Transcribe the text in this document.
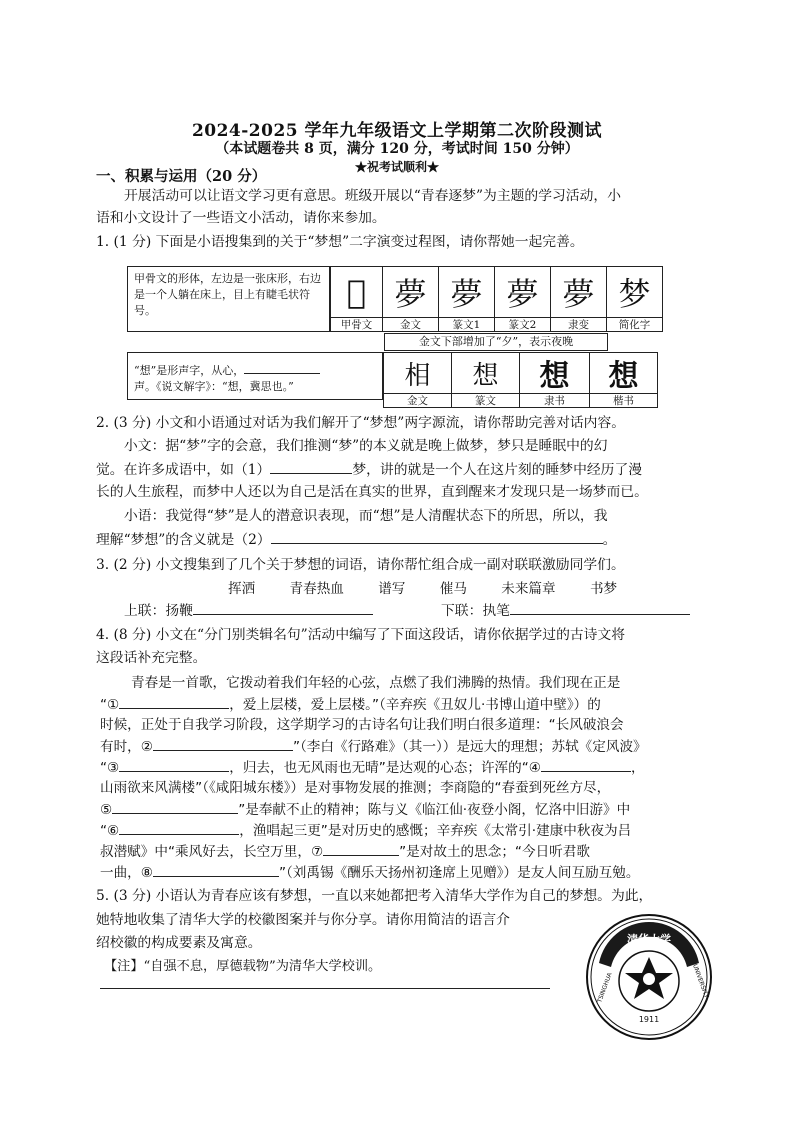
2024-2025 学年九年级语文上学期第二次阶段测试
（本试题卷共 8 页，满分 120 分，考试时间 150 分钟）
★祝考试顺利★
一、积累与运用（20 分）
开展活动可以让语文学习更有意思。班级开展以“青春逐梦”为主题的学习活动，小
语和小文设计了一些语文小活动，请你来参加。
1. (1 分) 下面是小语搜集到的关于“梦想”二字演变过程图，请你帮她一起完善。
甲骨文的形体，左边是一张床形，右边是一个人躺在床上，目上有睫毛状符号。	𠨳 夢 夢 夢 夢 梦
甲骨文	金文	篆文1	篆文2	隶变	简化字
金文下部增加了“夕”，表示夜晚
“想”是形声字，从心，
声。《说文解字》：“想，冀思也。”	相	想	想	想
金文	篆文	隶书	楷书
2. (3 分) 小文和小语通过对话为我们解开了“梦想”两字源流，请你帮助完善对话内容。
小文：据“梦”字的会意，我们推测“梦”的本义就是晚上做梦，梦只是睡眠中的幻
觉。在许多成语中，如（1）	梦，讲的就是一个人在这片刻的睡梦中经历了漫
长的人生旅程，而梦中人还以为自己是活在真实的世界，直到醒来才发现只是一场梦而已。
小语：我觉得“梦”是人的潜意识表现，而“想”是人清醒状态下的所思，所以，我
理解“梦想”的含义就是（2）	。
3. (2 分) 小文搜集到了几个关于梦想的词语，请你帮忙组合成一副对联联激励同学们。
挥洒	青春热血	谱写	催马	未来篇章	书梦
上联：扬鞭	下联：执笔
4. (8 分) 小文在“分门别类辑名句”活动中编写了下面这段话，请你依据学过的古诗文将
这段话补充完整。
青春是一首歌，它拨动着我们年轻的心弦，点燃了我们沸腾的热情。我们现在正是
“①	，爱上层楼，爱上层楼。”（辛弃疾《丑奴儿·书博山道中壁》）的
时候，正处于自我学习阶段，这学期学习的古诗名句让我们明白很多道理：“长风破浪会
有时，②	”（李白《行路难》（其一））是远大的理想；苏轼《定风波》
“③	，归去，也无风雨也无晴”是达观的心态；许浑的“④	，
山雨欲来风满楼”（《咸阳城东楼》）是对事物发展的推测；李商隐的“春蚕到死丝方尽，
⑤	”是奉献不止的精神；陈与义《临江仙·夜登小阁，忆洛中旧游》中
“⑥	，渔唱起三更”是对历史的感慨；辛弃疾《太常引·建康中秋夜为吕
叔潜赋》中“乘风好去，长空万里，⑦	”是对故土的思念；“今日听君歌
一曲，⑧	”（刘禹锡《酬乐天扬州初逢席上见赠》）是友人间互励互勉。
5. (3 分) 小语认为青春应该有梦想，一直以来她都把考入清华大学作为自己的梦想。为此，
她特地收集了清华大学的校徽图案并与你分享。请你用简洁的语言介
绍校徽的构成要素及寓意。
【注】“自强不息，厚德载物”为清华大学校训。
清华大学
TSINGHUA	UNIVERSITY
1911
